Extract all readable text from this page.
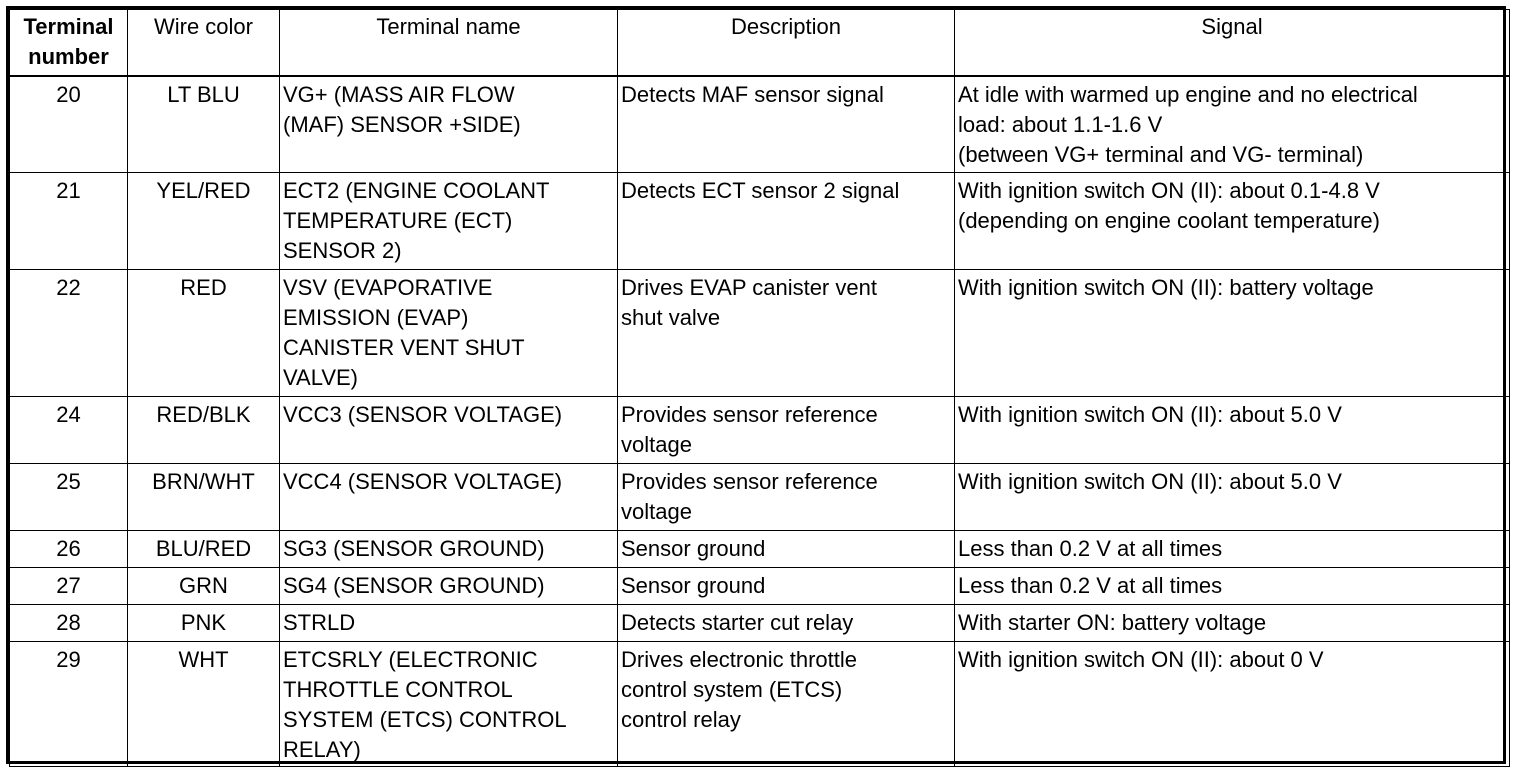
Terminal number	Wire color	Terminal name	Description	Signal
20	LT BLU	VG+ (MASS AIR FLOW
(MAF) SENSOR +SIDE)	Detects MAF sensor signal	At idle with warmed up engine and no electrical
load: about 1.1-1.6 V
(between VG+ terminal and VG- terminal)
21	YEL/RED	ECT2 (ENGINE COOLANT
TEMPERATURE (ECT)
SENSOR 2)	Detects ECT sensor 2 signal	With ignition switch ON (II): about 0.1-4.8 V
(depending on engine coolant temperature)
22	RED	VSV (EVAPORATIVE
EMISSION (EVAP)
CANISTER VENT SHUT
VALVE)	Drives EVAP canister vent
shut valve	With ignition switch ON (II): battery voltage
24	RED/BLK	VCC3 (SENSOR VOLTAGE)	Provides sensor reference
voltage	With ignition switch ON (II): about 5.0 V
25	BRN/WHT	VCC4 (SENSOR VOLTAGE)	Provides sensor reference
voltage	With ignition switch ON (II): about 5.0 V
26	BLU/RED	SG3 (SENSOR GROUND)	Sensor ground	Less than 0.2 V at all times
27	GRN	SG4 (SENSOR GROUND)	Sensor ground	Less than 0.2 V at all times
28	PNK	STRLD	Detects starter cut relay	With starter ON: battery voltage
29	WHT	ETCSRLY (ELECTRONIC
THROTTLE CONTROL
SYSTEM (ETCS) CONTROL
RELAY)	Drives electronic throttle
control system (ETCS)
control relay	With ignition switch ON (II): about 0 V
